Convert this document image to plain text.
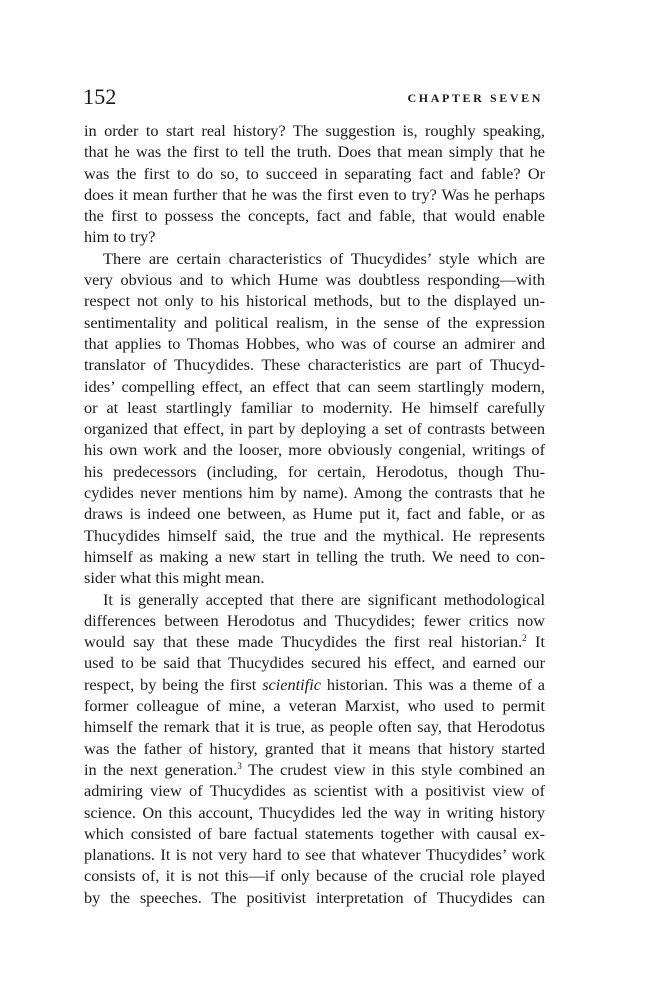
152	CHAPTER SEVEN

in order to start real history? The suggestion is, roughly speaking,
that he was the first to tell the truth. Does that mean simply that he
was the first to do so, to succeed in separating fact and fable? Or
does it mean further that he was the first even to try? Was he perhaps
the first to possess the concepts, fact and fable, that would enable
him to try?

There are certain characteristics of Thucydides’ style which are
very obvious and to which Hume was doubtless responding—with
respect not only to his historical methods, but to the displayed un-
sentimentality and political realism, in the sense of the expression
that applies to Thomas Hobbes, who was of course an admirer and
translator of Thucydides. These characteristics are part of Thucyd-
ides’ compelling effect, an effect that can seem startlingly modern,
or at least startlingly familiar to modernity. He himself carefully
organized that effect, in part by deploying a set of contrasts between
his own work and the looser, more obviously congenial, writings of
his predecessors (including, for certain, Herodotus, though Thu-
cydides never mentions him by name). Among the contrasts that he
draws is indeed one between, as Hume put it, fact and fable, or as
Thucydides himself said, the true and the mythical. He represents
himself as making a new start in telling the truth. We need to con-
sider what this might mean.

It is generally accepted that there are significant methodological
differences between Herodotus and Thucydides; fewer critics now
would say that these made Thucydides the first real historian.$^2$ It
used to be said that Thucydides secured his effect, and earned our
respect, by being the first scientific historian. This was a theme of a
former colleague of mine, a veteran Marxist, who used to permit
himself the remark that it is true, as people often say, that Herodotus
was the father of history, granted that it means that history started
in the next generation.$^3$ The crudest view in this style combined an
admiring view of Thucydides as scientist with a positivist view of
science. On this account, Thucydides led the way in writing history
which consisted of bare factual statements together with causal ex-
planations. It is not very hard to see that whatever Thucydides’ work
consists of, it is not this—if only because of the crucial role played
by the speeches. The positivist interpretation of Thucydides can
